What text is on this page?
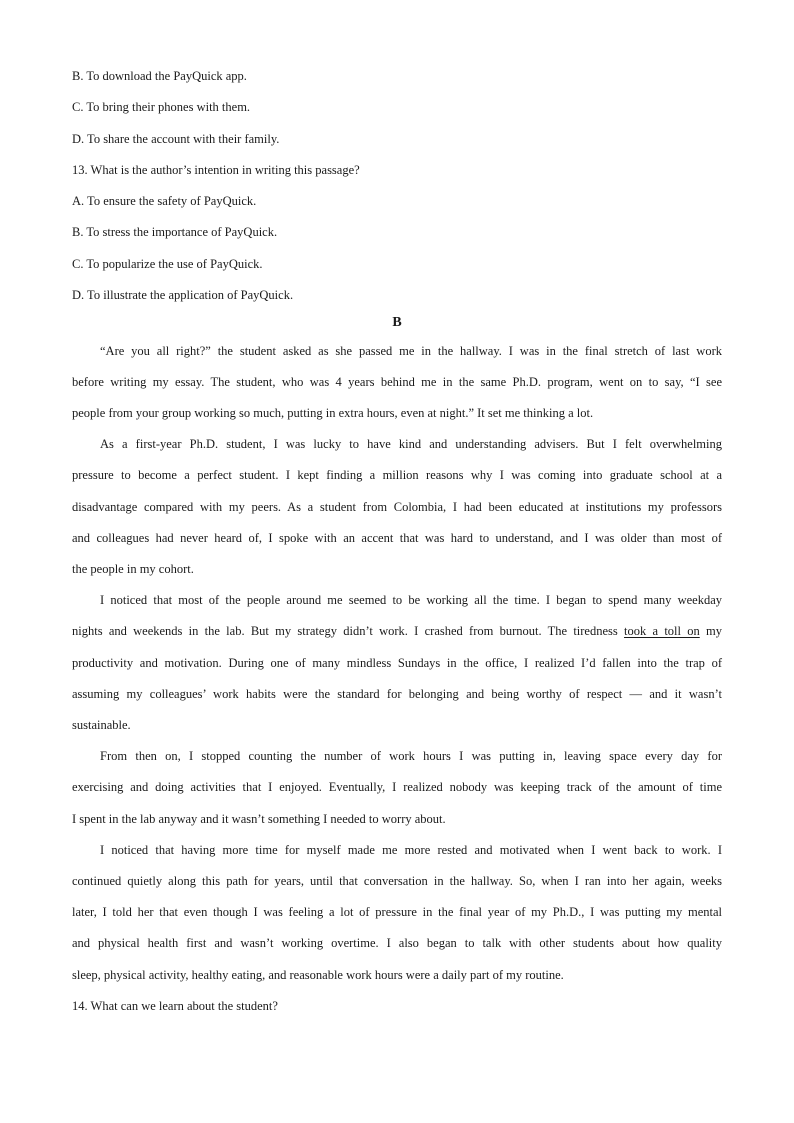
B. To download the PayQuick app.
C. To bring their phones with them.
D. To share the account with their family.
13. What is the author’s intention in writing this passage?
A. To ensure the safety of PayQuick.
B. To stress the importance of PayQuick.
C. To popularize the use of PayQuick.
D. To illustrate the application of PayQuick.
B
“Are you all right?” the student asked as she passed me in the hallway. I was in the final stretch of last work
before writing my essay. The student, who was 4 years behind me in the same Ph.D. program, went on to say, “I see
people from your group working so much, putting in extra hours, even at night.” It set me thinking a lot.
As a first-year Ph.D. student, I was lucky to have kind and understanding advisers. But I felt overwhelming
pressure to become a perfect student. I kept finding a million reasons why I was coming into graduate school at a
disadvantage compared with my peers. As a student from Colombia, I had been educated at institutions my professors
and colleagues had never heard of, I spoke with an accent that was hard to understand, and I was older than most of
the people in my cohort.
I noticed that most of the people around me seemed to be working all the time. I began to spend many weekday
nights and weekends in the lab. But my strategy didn’t work. I crashed from burnout. The tiredness took a toll on my
productivity and motivation. During one of many mindless Sundays in the office, I realized I’d fallen into the trap of
assuming my colleagues’ work habits were the standard for belonging and being worthy of respect — and it wasn’t
sustainable.
From then on, I stopped counting the number of work hours I was putting in, leaving space every day for
exercising and doing activities that I enjoyed. Eventually, I realized nobody was keeping track of the amount of time
I spent in the lab anyway and it wasn’t something I needed to worry about.
I noticed that having more time for myself made me more rested and motivated when I went back to work. I
continued quietly along this path for years, until that conversation in the hallway. So, when I ran into her again, weeks
later, I told her that even though I was feeling a lot of pressure in the final year of my Ph.D., I was putting my mental
and physical health first and wasn’t working overtime. I also began to talk with other students about how quality
sleep, physical activity, healthy eating, and reasonable work hours were a daily part of my routine.
14. What can we learn about the student?
